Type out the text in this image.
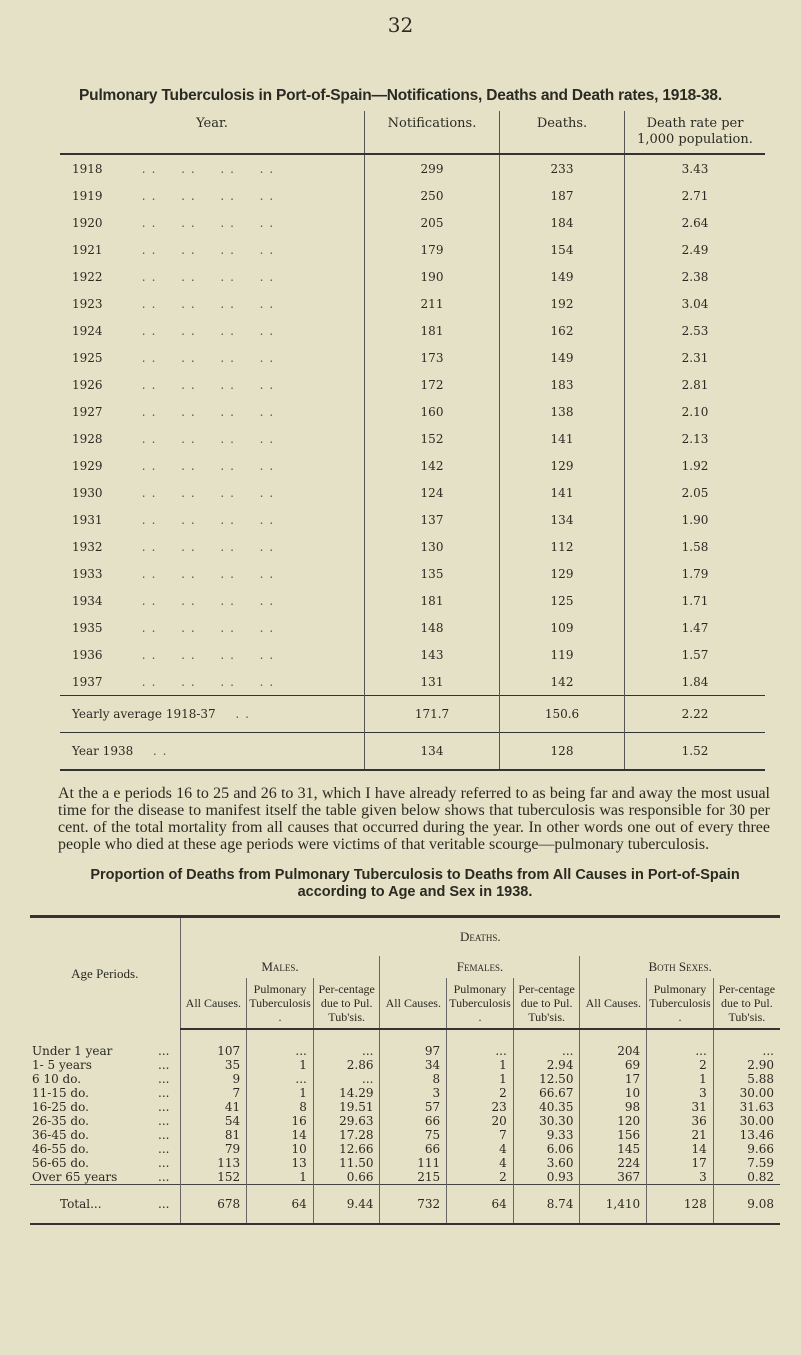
32
Pulmonary Tuberculosis in Port-of-Spain—Notifications, Deaths and Death rates, 1918-38.
Year.	Notifications.	Deaths.	Death rate per 1,000 population.
1918    ..  ..  ..  ..	299	233	3.43
1919    ..  ..  ..  ..	250	187	2.71
1920    ..  ..  ..  ..	205	184	2.64
1921    ..  ..  ..  ..	179	154	2.49
1922    ..  ..  ..  ..	190	149	2.38
1923    ..  ..  ..  ..	211	192	3.04
1924    ..  ..  ..  ..	181	162	2.53
1925    ..  ..  ..  ..	173	149	2.31
1926    ..  ..  ..  ..	172	183	2.81
1927    ..  ..  ..  ..	160	138	2.10
1928    ..  ..  ..  ..	152	141	2.13
1929    ..  ..  ..  ..	142	129	1.92
1930    ..  ..  ..  ..	124	141	2.05
1931    ..  ..  ..  ..	137	134	1.90
1932    ..  ..  ..  ..	130	112	1.58
1933    ..  ..  ..  ..	135	129	1.79
1934    ..  ..  ..  ..	181	125	1.71
1935    ..  ..  ..  ..	148	109	1.47
1936    ..  ..  ..  ..	143	119	1.57
1937    ..  ..  ..  ..	131	142	1.84
Yearly average 1918-37  ..	171.7	150.6	2.22
Year 1938  ..	134	128	1.52
At the a e periods 16 to 25 and 26 to 31, which I have already referred to as being far and away the most usual time for the disease to manifest itself the table given below shows that tuberculosis was responsible for 30 per cent. of the total mortality from all causes that occurred during the year. In other words one out of every three people who died at these age periods were victims of that veritable scourge—pulmonary tuberculosis.
Proportion of Deaths from Pulmonary Tuberculosis to Deaths from All Causes in Port-of-Spain according to Age and Sex in 1938.
Age Periods.		Deaths.								
		Males.			Females.			Both Sexes.		
		All Causes.	Pulmonary Tuberculosis.	Per-centage due to Pul. Tub'sis.	All Causes.	Pulmonary Tuberculosis.	Per-centage due to Pul. Tub'sis.	All Causes.	Pulmonary Tuberculosis.	Per-centage due to Pul. Tub'sis.
Under 1 year	...	107	...	...	97	...	...	204	...	...
1- 5 years	...	35	1	2.86	34	1	2.94	69	2	2.90
6 10 do.	...	9	...	...	8	1	12.50	17	1	5.88
11-15 do.	...	7	1	14.29	3	2	66.67	10	3	30.00
16-25 do.	...	41	8	19.51	57	23	40.35	98	31	31.63
26-35 do.	...	54	16	29.63	66	20	30.30	120	36	30.00
36-45 do.	...	81	14	17.28	75	7	9.33	156	21	13.46
46-55 do.	...	79	10	12.66	66	4	6.06	145	14	9.66
56-65 do.	...	113	13	11.50	111	4	3.60	224	17	7.59
Over 65 years	...	152	1	0.66	215	2	0.93	367	3	0.82
Total...	...	678	64	9.44	732	64	8.74	1,410	128	9.08
